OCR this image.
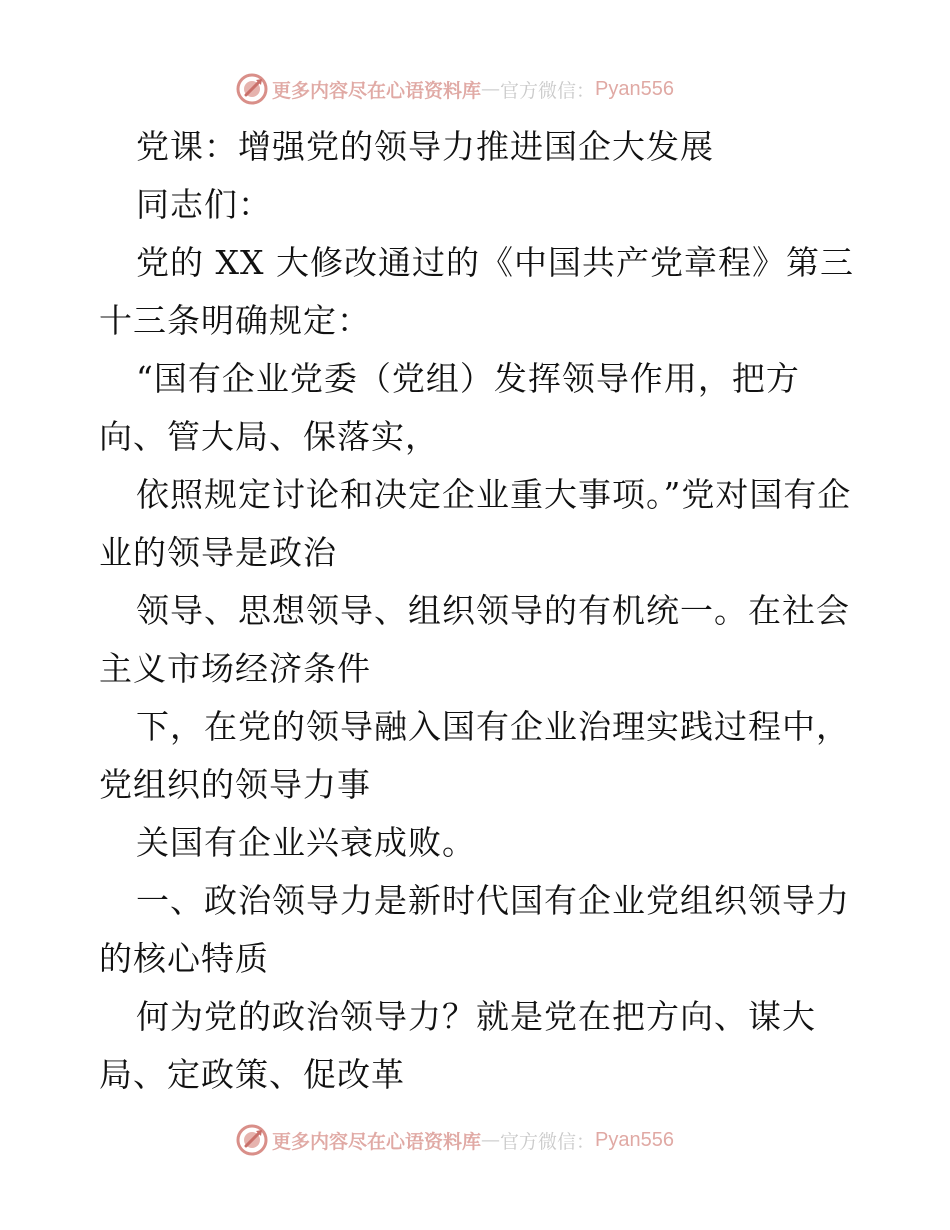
更多内容尽在心语资料库 — 官方微信： Pyan556

党课：增强党的领导力推进国企大发展

同志们：

党的 XX 大修改通过的《中国共产党章程》第三十三条明确规定：

“国有企业党委（党组）发挥领导作用，把方向、管大局、保落实，

依照规定讨论和决定企业重大事项。”党对国有企业的领导是政治

领导、思想领导、组织领导的有机统一。在社会主义市场经济条件

下，在党的领导融入国有企业治理实践过程中，党组织的领导力事

关国有企业兴衰成败。

一、政治领导力是新时代国有企业党组织领导力的核心特质

何为党的政治领导力？就是党在把方向、谋大局、定政策、促改革

更多内容尽在心语资料库 — 官方微信： Pyan556
